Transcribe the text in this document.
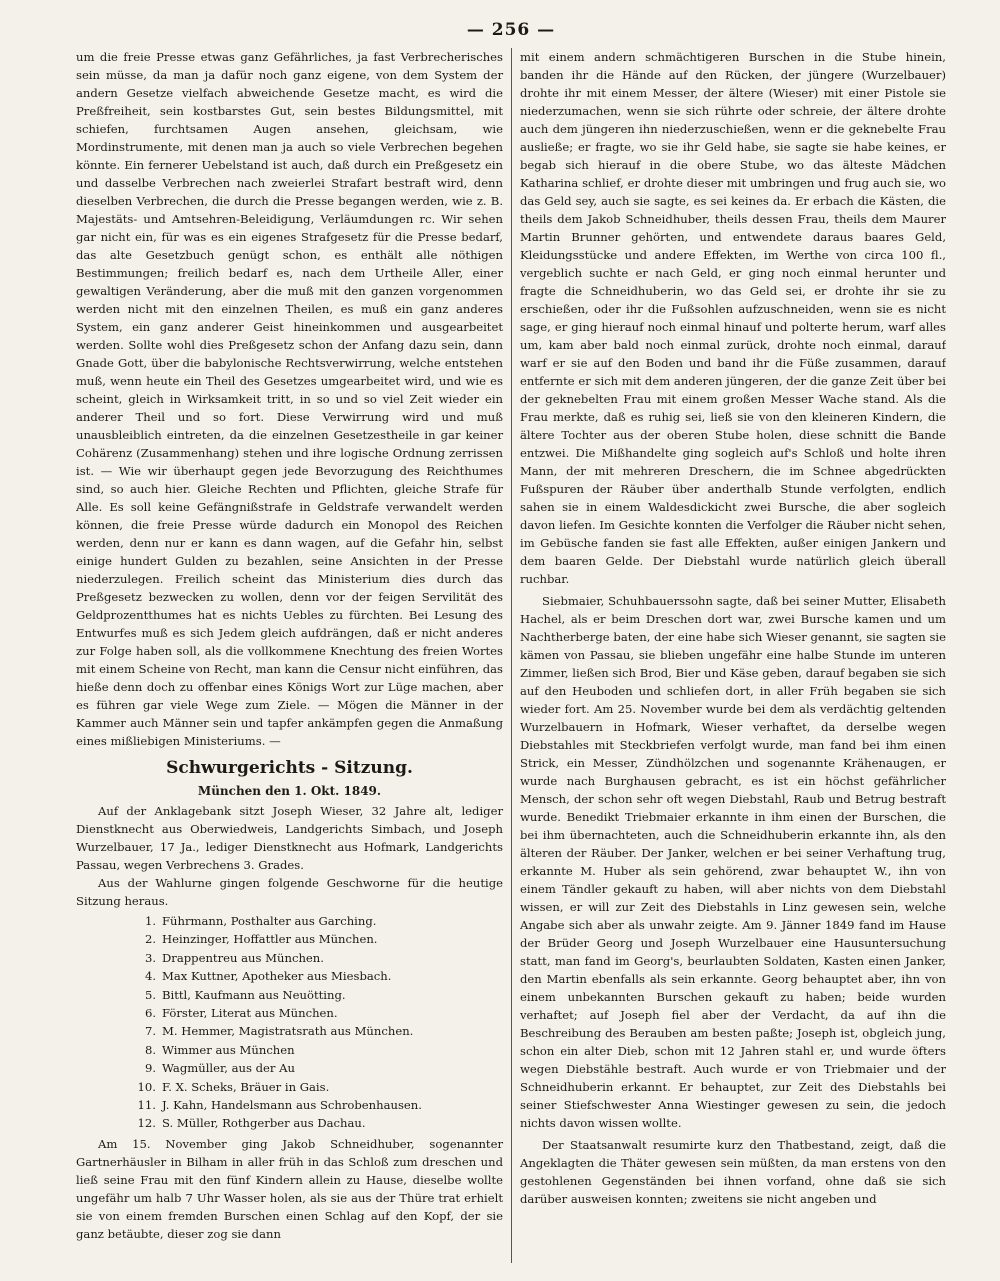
— 256 —

um die freie Presse etwas ganz Gefährliches, ja fast Verbrecherisches sein müsse, da man ja dafür noch ganz eigene, von dem System der andern Gesetze vielfach abweichende Gesetze macht, es wird die Preßfreiheit, sein kostbarstes Gut, sein bestes Bildungsmittel, mit schiefen, furchtsamen Augen ansehen, gleichsam, wie Mordinstrumente, mit denen man ja auch so viele Verbrechen begehen könnte. Ein fernerer Uebelstand ist auch, daß durch ein Preßgesetz ein und dasselbe Verbrechen nach zweierlei Strafart bestraft wird, denn dieselben Verbrechen, die durch die Presse begangen werden, wie z. B. Majestäts- und Amtsehren-Beleidigung, Verläumdungen rc. Wir sehen gar nicht ein, für was es ein eigenes Strafgesetz für die Presse bedarf, das alte Gesetzbuch genügt schon, es enthält alle nöthigen Bestimmungen; freilich bedarf es, nach dem Urtheile Aller, einer gewaltigen Veränderung, aber die muß mit den ganzen vorgenommen werden nicht mit den einzelnen Theilen, es muß ein ganz anderes System, ein ganz anderer Geist hineinkommen und ausgearbeitet werden. Sollte wohl dies Preßgesetz schon der Anfang dazu sein, dann Gnade Gott, über die babylonische Rechtsverwirrung, welche entstehen muß, wenn heute ein Theil des Gesetzes umgearbeitet wird, und wie es scheint, gleich in Wirksamkeit tritt, in so und so viel Zeit wieder ein anderer Theil und so fort. Diese Verwirrung wird und muß unausbleiblich eintreten, da die einzelnen Gesetzestheile in gar keiner Cohärenz (Zusammenhang) stehen und ihre logische Ordnung zerrissen ist. — Wie wir überhaupt gegen jede Bevorzugung des Reichthumes sind, so auch hier. Gleiche Rechten und Pflichten, gleiche Strafe für Alle. Es soll keine Gefängnißstrafe in Geldstrafe verwandelt werden können, die freie Presse würde dadurch ein Monopol des Reichen werden, denn nur er kann es dann wagen, auf die Gefahr hin, selbst einige hundert Gulden zu bezahlen, seine Ansichten in der Presse niederzulegen. Freilich scheint das Ministerium dies durch das Preßgesetz bezwecken zu wollen, denn vor der feigen Servilität des Geldprozentthumes hat es nichts Uebles zu fürchten. Bei Lesung des Entwurfes muß es sich Jedem gleich aufdrängen, daß er nicht anderes zur Folge haben soll, als die vollkommene Knechtung des freien Wortes mit einem Scheine von Recht, man kann die Censur nicht einführen, das hieße denn doch zu offenbar eines Königs Wort zur Lüge machen, aber es führen gar viele Wege zum Ziele. — Mögen die Männer in der Kammer auch Männer sein und tapfer ankämpfen gegen die Anmaßung eines mißliebigen Ministeriums. —

Schwurgerichts - Sitzung.
München den 1. Okt. 1849.

Auf der Anklagebank sitzt Joseph Wieser, 32 Jahre alt, lediger Dienstknecht aus Oberwiedweis, Landgerichts Simbach, und Joseph Wurzelbauer, 17 Ja., lediger Dienstknecht aus Hofmark, Landgerichts Passau, wegen Verbrechens 3. Grades.

Aus der Wahlurne gingen folgende Geschworne für die heutige Sitzung heraus.

1. Führmann, Posthalter aus Garching.
2. Heinzinger, Hoffattler aus München.
3. Drappentreu aus München.
4. Max Kuttner, Apotheker aus Miesbach.
5. Bittl, Kaufmann aus Neuötting.
6. Förster, Literat aus München.
7. M. Hemmer, Magistratsrath aus München.
8. Wimmer aus München
9. Wagmüller, aus der Au
10. F. X. Scheks, Bräuer in Gais.
11. J. Kahn, Handelsmann aus Schrobenhausen.
12. S. Müller, Rothgerber aus Dachau.

Am 15. November ging Jakob Schneidhuber, sogenannter Gartnerhäusler in Bilham in aller früh in das Schloß zum dreschen und ließ seine Frau mit den fünf Kindern allein zu Hause, dieselbe wollte ungefähr um halb 7 Uhr Wasser holen, als sie aus der Thüre trat erhielt sie von einem fremden Burschen einen Schlag auf den Kopf, der sie ganz betäubte, dieser zog sie dann

mit einem andern schmächtigeren Burschen in die Stube hinein, banden ihr die Hände auf den Rücken, der jüngere (Wurzelbauer) drohte ihr mit einem Messer, der ältere (Wieser) mit einer Pistole sie niederzumachen, wenn sie sich rührte oder schreie, der ältere drohte auch dem jüngeren ihn niederzuschießen, wenn er die geknebelte Frau ausließe; er fragte, wo sie ihr Geld habe, sie sagte sie habe keines, er begab sich hierauf in die obere Stube, wo das älteste Mädchen Katharina schlief, er drohte dieser mit umbringen und frug auch sie, wo das Geld sey, auch sie sagte, es sei keines da. Er erbach die Kästen, die theils dem Jakob Schneidhuber, theils dessen Frau, theils dem Maurer Martin Brunner gehörten, und entwendete daraus baares Geld, Kleidungsstücke und andere Effekten, im Werthe von circa 100 fl., vergeblich suchte er nach Geld, er ging noch einmal herunter und fragte die Schneidhuberin, wo das Geld sei, er drohte ihr sie zu erschießen, oder ihr die Fußsohlen aufzuschneiden, wenn sie es nicht sage, er ging hierauf noch einmal hinauf und polterte herum, warf alles um, kam aber bald noch einmal zurück, drohte noch einmal, darauf warf er sie auf den Boden und band ihr die Füße zusammen, darauf entfernte er sich mit dem anderen jüngeren, der die ganze Zeit über bei der geknebelten Frau mit einem großen Messer Wache stand. Als die Frau merkte, daß es ruhig sei, ließ sie von den kleineren Kindern, die ältere Tochter aus der oberen Stube holen, diese schnitt die Bande entzwei. Die Mißhandelte ging sogleich auf's Schloß und holte ihren Mann, der mit mehreren Dreschern, die im Schnee abgedrückten Fußspuren der Räuber über anderthalb Stunde verfolgten, endlich sahen sie in einem Waldesdickicht zwei Bursche, die aber sogleich davon liefen. Im Gesichte konnten die Verfolger die Räuber nicht sehen, im Gebüsche fanden sie fast alle Effekten, außer einigen Jankern und dem baaren Gelde. Der Diebstahl wurde natürlich gleich überall ruchbar.

Siebmaier, Schuhbauerssohn sagte, daß bei seiner Mutter, Elisabeth Hachel, als er beim Dreschen dort war, zwei Bursche kamen und um Nachtherberge baten, der eine habe sich Wieser genannt, sie sagten sie kämen von Passau, sie blieben ungefähr eine halbe Stunde im unteren Zimmer, ließen sich Brod, Bier und Käse geben, darauf begaben sie sich auf den Heuboden und schliefen dort, in aller Früh begaben sie sich wieder fort. Am 25. November wurde bei dem als verdächtig geltenden Wurzelbauern in Hofmark, Wieser verhaftet, da derselbe wegen Diebstahles mit Steckbriefen verfolgt wurde, man fand bei ihm einen Strick, ein Messer, Zündhölzchen und sogenannte Krähenaugen, er wurde nach Burghausen gebracht, es ist ein höchst gefährlicher Mensch, der schon sehr oft wegen Diebstahl, Raub und Betrug bestraft wurde. Benedikt Triebmaier erkannte in ihm einen der Burschen, die bei ihm übernachteten, auch die Schneidhuberin erkannte ihn, als den älteren der Räuber. Der Janker, welchen er bei seiner Verhaftung trug, erkannte M. Huber als sein gehörend, zwar behauptet W., ihn von einem Tändler gekauft zu haben, will aber nichts von dem Diebstahl wissen, er will zur Zeit des Diebstahls in Linz gewesen sein, welche Angabe sich aber als unwahr zeigte. Am 9. Jänner 1849 fand im Hause der Brüder Georg und Joseph Wurzelbauer eine Hausuntersuchung statt, man fand im Georg's, beurlaubten Soldaten, Kasten einen Janker, den Martin ebenfalls als sein erkannte. Georg behauptet aber, ihn von einem unbekannten Burschen gekauft zu haben; beide wurden verhaftet; auf Joseph fiel aber der Verdacht, da auf ihn die Beschreibung des Berauben am besten paßte; Joseph ist, obgleich jung, schon ein alter Dieb, schon mit 12 Jahren stahl er, und wurde öfters wegen Diebstähle bestraft. Auch wurde er von Triebmaier und der Schneidhuberin erkannt. Er behauptet, zur Zeit des Diebstahls bei seiner Stiefschwester Anna Wiestinger gewesen zu sein, die jedoch nichts davon wissen wollte.

Der Staatsanwalt resumirte kurz den Thatbestand, zeigt, daß die Angeklagten die Thäter gewesen sein müßten, da man erstens von den gestohlenen Gegenständen bei ihnen vorfand, ohne daß sie sich darüber ausweisen konnten; zweitens sie nicht angeben und
